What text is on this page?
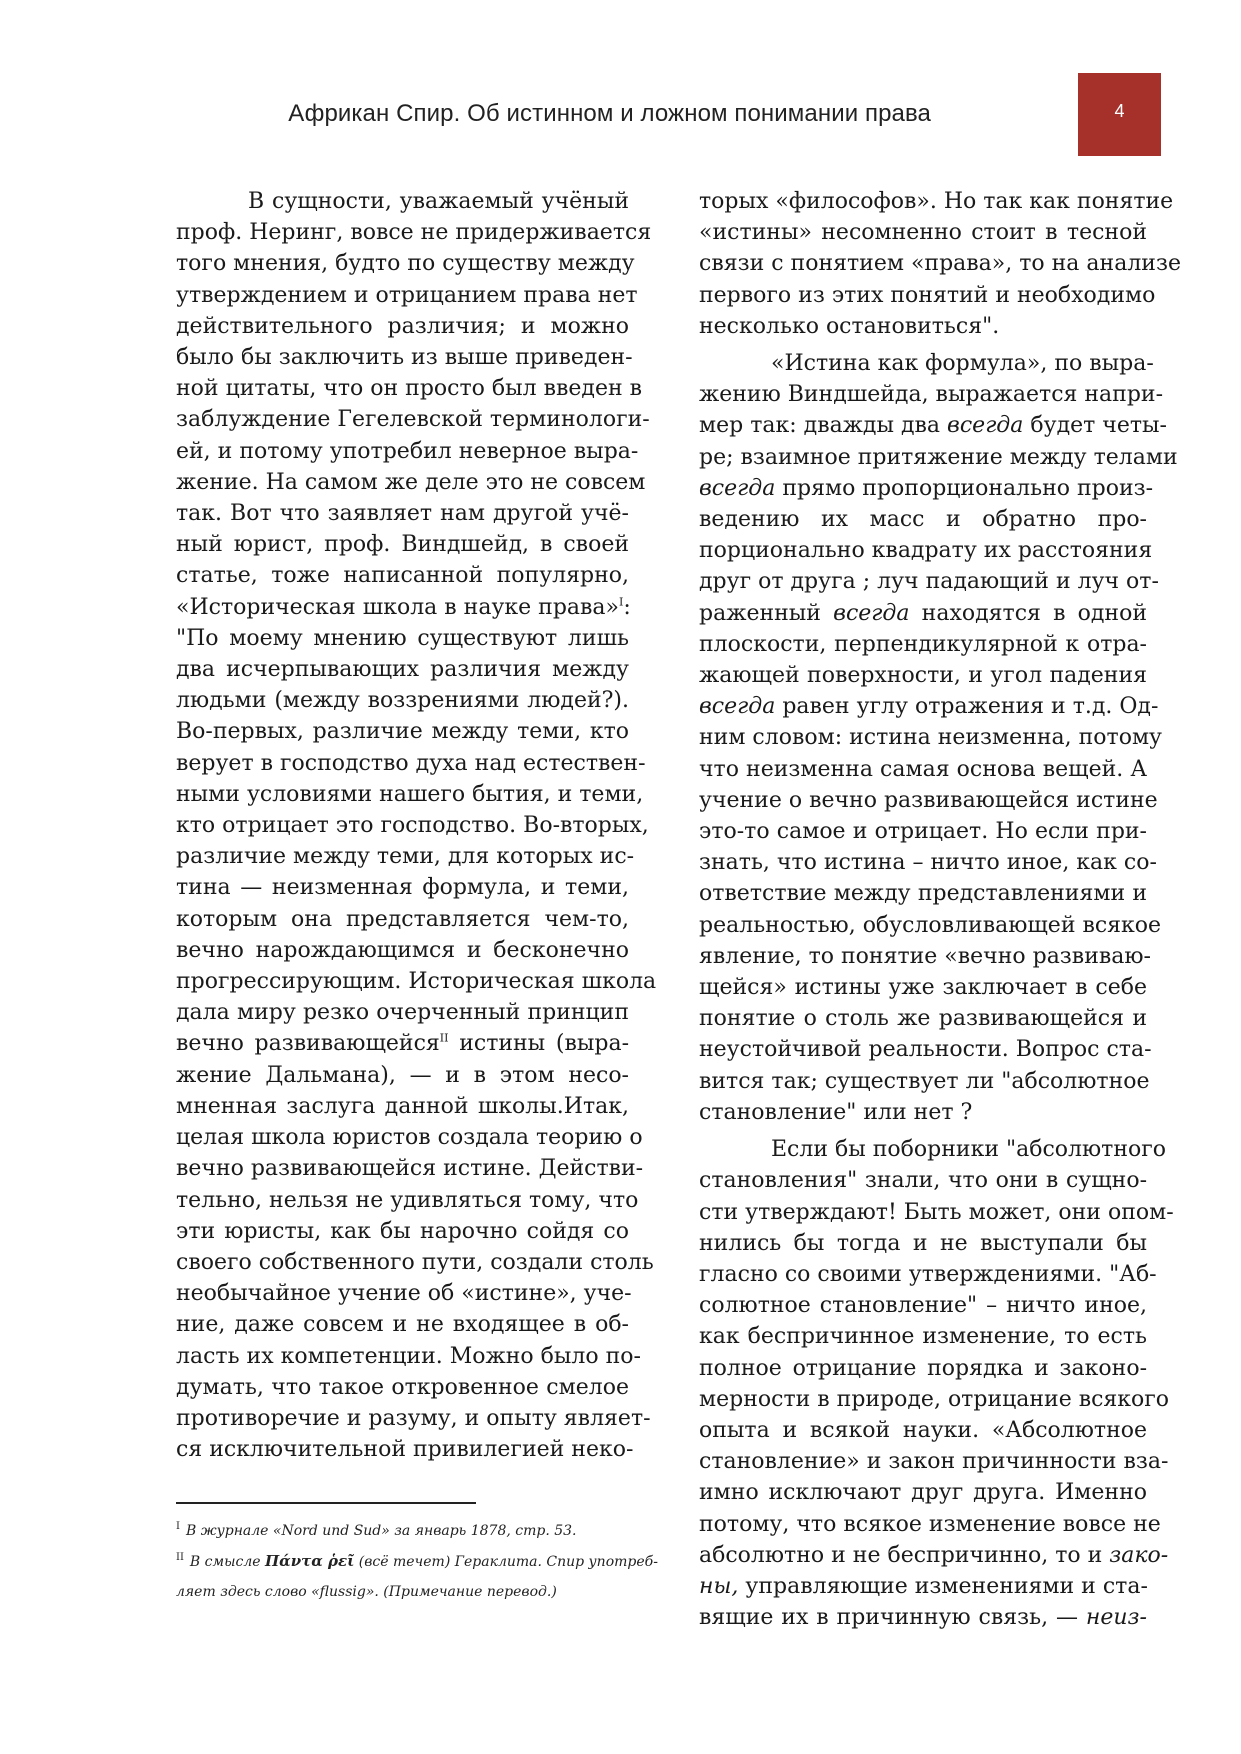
Африкан Спир. Об истинном и ложном понимании права	4

В сущности, уважаемый учёный
проф. Неринг, вовсе не придерживается
того мнения, будто по существу между
утверждением и отрицанием права нет
действительного различия; и можно
было бы заключить из выше приведен-
ной цитаты, что он просто был введен в
заблуждение Гегелевской терминологи-
ей, и потому употребил неверное выра-
жение. На самом же деле это не совсем
так. Вот что заявляет нам другой учё-
ный юрист, проф. Виндшейд, в своей
статье, тоже написанной популярно,
«Историческая школа в науке права»$^I$:
"По моему мнению существуют лишь
два исчерпывающих различия между
людьми (между воззрениями людей?).
Во-первых, различие между теми, кто
верует в господство духа над естествен-
ными условиями нашего бытия, и теми,
кто отрицает это господство. Во-вторых,
различие между теми, для которых ис-
тина — неизменная формула, и теми,
которым она представляется чем-то,
вечно нарождающимся и бесконечно
прогрессирующим. Историческая школа
дала миру резко очерченный принцип
вечно развивающейся$^{II}$ истины (выра-
жение Дальмана), — и в этом несо-
мненная заслуга данной школы.Итак,
целая школа юристов создала теорию о
вечно развивающейся истине. Действи-
тельно, нельзя не удивляться тому, что
эти юристы, как бы нарочно сойдя со
своего собственного пути, создали столь
необычайное учение об «истине», уче-
ние, даже совсем и не входящее в об-
ласть их компетенции. Можно было по-
думать, что такое откровенное смелое
противоречие и разуму, и опыту являет-
ся исключительной привилегией неко-

торых «философов». Но так как понятие
«истины» несомненно стоит в тесной
связи с понятием «права», то на анализе
первого из этих понятий и необходимо
несколько остановиться".

«Истина как формула», по выра-
жению Виндшейда, выражается напри-
мер так: дважды два всегда будет четы-
ре; взаимное притяжение между телами
всегда прямо пропорционально произ-
ведению их масс и обратно про-
порционально квадрату их расстояния
друг от друга ; луч падающий и луч от-
раженный всегда находятся в одной
плоскости, перпендикулярной к отра-
жающей поверхности, и угол падения
всегда равен углу отражения и т.д. Од-
ним словом: истина неизменна, потому
что неизменна самая основа вещей. А
учение о вечно развивающейся истине
это-то самое и отрицает. Но если при-
знать, что истина – ничто иное, как со-
ответствие между представлениями и
реальностью, обусловливающей всякое
явление, то понятие «вечно развиваю-
щейся» истины уже заключает в себе
понятие о столь же развивающейся и
неустойчивой реальности. Вопрос ста-
вится так; существует ли "абсолютное
становление" или нет ?

Если бы поборники "абсолютного
становления" знали, что они в сущно-
сти утверждают! Быть может, они опом-
нились бы тогда и не выступали бы
гласно со своими утверждениями. "Аб-
солютное становление" – ничто иное,
как беспричинное изменение, то есть
полное отрицание порядка и законо-
мерности в природе, отрицание всякого
опыта и всякой науки. «Абсолютное
становление» и закон причинности вза-
имно исключают друг друга. Именно
потому, что всякое изменение вовсе не
абсолютно и не беспричинно, то и зако-
ны, управляющие изменениями и ста-
вящие их в причинную связь, — неиз-

$^I$ В журнале «Nord und Sud» за январь 1878, стр. 53.
$^{II}$ В смысле Πάντα ῥεῖ (всё течет) Гераклита. Спир употреб-
ляет здесь слово «flussig». (Примечание перевод.)
